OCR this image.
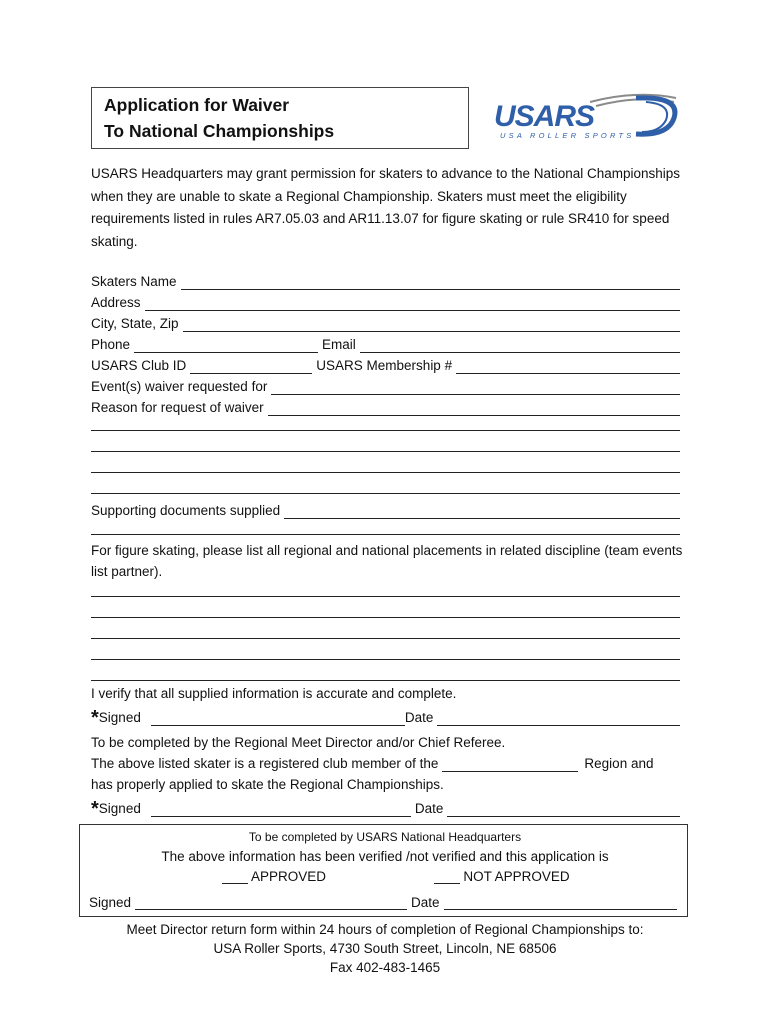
Application for Waiver
To National Championships	USARS
USA ROLLER SPORTS
USARS Headquarters may grant permission for skaters to advance to the National Championships when they are unable to skate a Regional Championship. Skaters must meet the eligibility requirements listed in rules AR7.05.03 and AR11.13.07 for figure skating or rule SR410 for speed skating.
Skaters Name
Address
City, State, Zip
Phone	Email
USARS Club ID	USARS Membership #
Event(s) waiver requested for
Reason for request of waiver
Supporting documents supplied
For figure skating, please list all regional and national placements in related discipline (team events list partner).
I verify that all supplied information is accurate and complete.
*Signed	Date
To be completed by the Regional Meet Director and/or Chief Referee.
The above listed skater is a registered club member of the	Region and
has properly applied to skate the Regional Championships.
*Signed	Date
To be completed by USARS National Headquarters
The above information has been verified /not verified and this application is
APPROVED	NOT APPROVED
Signed	Date
Meet Director return form within 24 hours of completion of Regional Championships to:
USA Roller Sports, 4730 South Street, Lincoln, NE 68506
Fax 402-483-1465
